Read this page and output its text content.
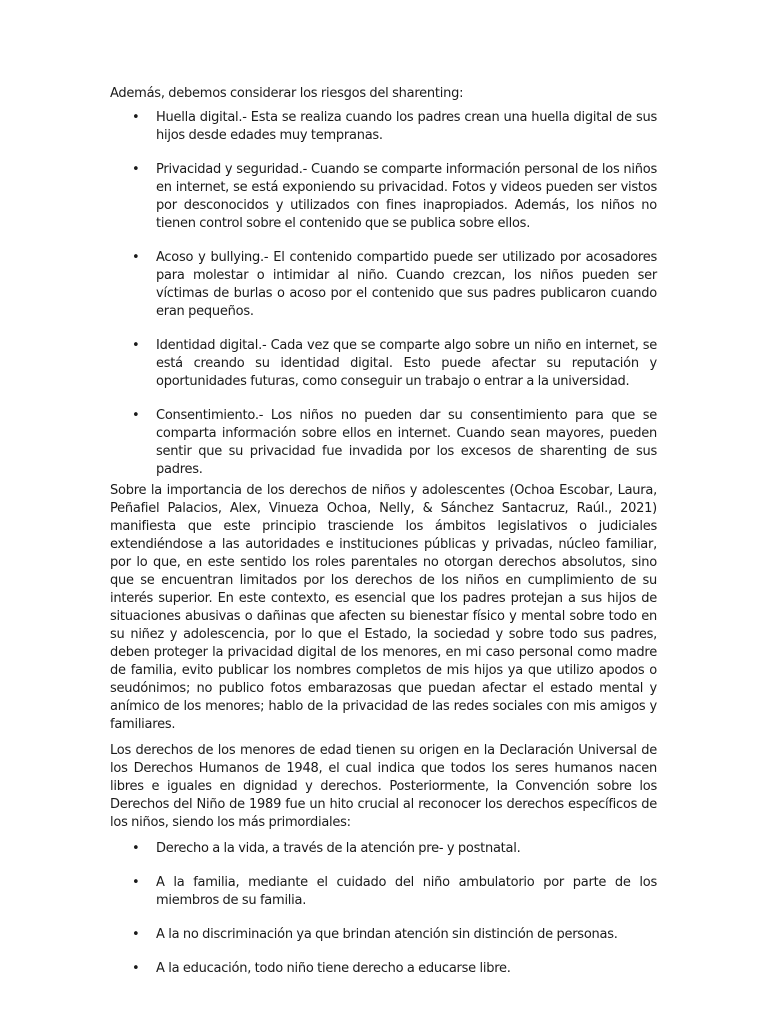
Además, debemos considerar los riesgos del sharenting:

• Huella digital.- Esta se realiza cuando los padres crean una huella digital de sus hijos desde edades muy tempranas.
• Privacidad y seguridad.- Cuando se comparte información personal de los niños en internet, se está exponiendo su privacidad. Fotos y videos pueden ser vistos por desconocidos y utilizados con fines inapropiados. Además, los niños no tienen control sobre el contenido que se publica sobre ellos.
• Acoso y bullying.- El contenido compartido puede ser utilizado por acosadores para molestar o intimidar al niño. Cuando crezcan, los niños pueden ser víctimas de burlas o acoso por el contenido que sus padres publicaron cuando eran pequeños.
• Identidad digital.- Cada vez que se comparte algo sobre un niño en internet, se está creando su identidad digital. Esto puede afectar su reputación y oportunidades futuras, como conseguir un trabajo o entrar a la universidad.
• Consentimiento.- Los niños no pueden dar su consentimiento para que se comparta información sobre ellos en internet. Cuando sean mayores, pueden sentir que su privacidad fue invadida por los excesos de sharenting de sus padres.

Sobre la importancia de los derechos de niños y adolescentes (Ochoa Escobar, Laura, Peñafiel Palacios, Alex, Vinueza Ochoa, Nelly, & Sánchez Santacruz, Raúl., 2021) manifiesta que este principio trasciende los ámbitos legislativos o judiciales extendiéndose a las autoridades e instituciones públicas y privadas, núcleo familiar, por lo que, en este sentido los roles parentales no otorgan derechos absolutos, sino que se encuentran limitados por los derechos de los niños en cumplimiento de su interés superior. En este contexto, es esencial que los padres protejan a sus hijos de situaciones abusivas o dañinas que afecten su bienestar físico y mental sobre todo en su niñez y adolescencia, por lo que el Estado, la sociedad y sobre todo sus padres, deben proteger la privacidad digital de los menores, en mi caso personal como madre de familia, evito publicar los nombres completos de mis hijos ya que utilizo apodos o seudónimos; no publico fotos embarazosas que puedan afectar el estado mental y anímico de los menores; hablo de la privacidad de las redes sociales con mis amigos y familiares.

Los derechos de los menores de edad tienen su origen en la Declaración Universal de los Derechos Humanos de 1948, el cual indica que todos los seres humanos nacen libres e iguales en dignidad y derechos. Posteriormente, la Convención sobre los Derechos del Niño de 1989 fue un hito crucial al reconocer los derechos específicos de los niños, siendo los más primordiales:

• Derecho a la vida, a través de la atención pre- y postnatal.
• A la familia, mediante el cuidado del niño ambulatorio por parte de los miembros de su familia.
• A la no discriminación ya que brindan atención sin distinción de personas.
• A la educación, todo niño tiene derecho a educarse libre.
